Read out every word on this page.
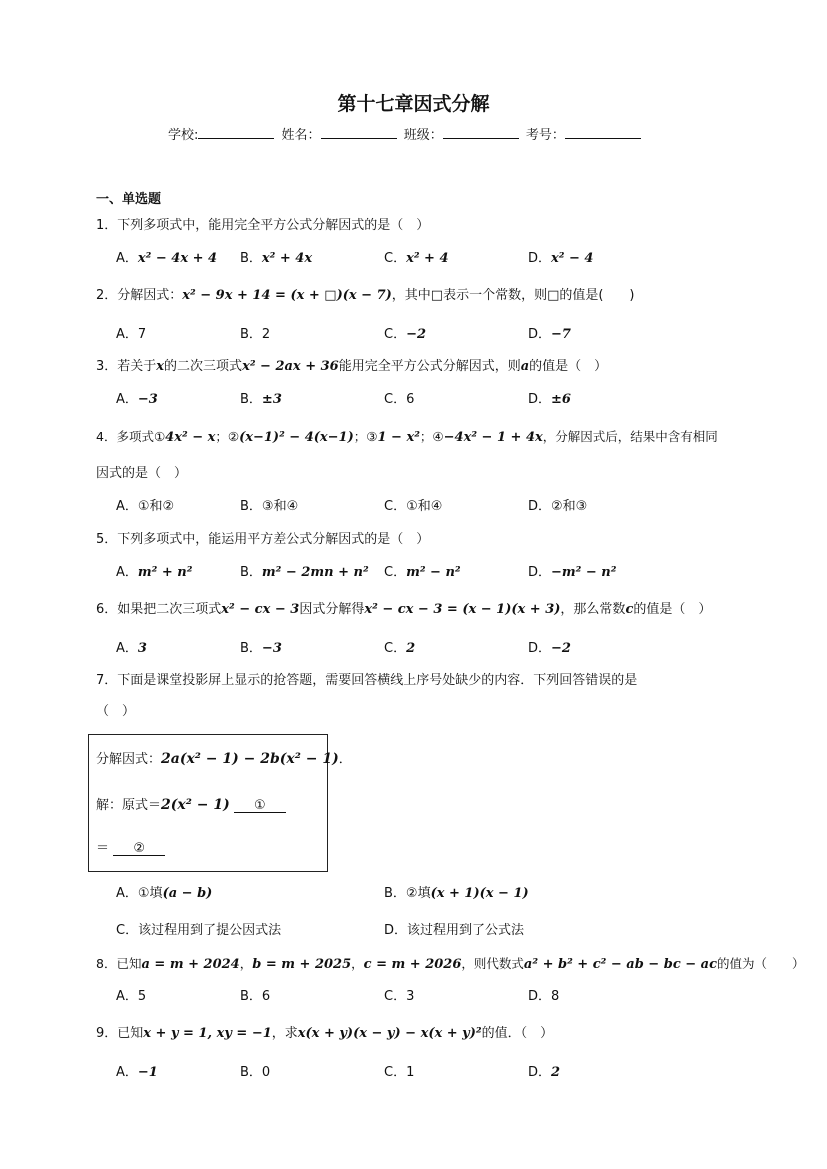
第十七章因式分解
学校:	姓名：	班级：	考号：
一、单选题
1．下列多项式中，能用完全平方公式分解因式的是（　）
A．x² − 4x + 4 B．x² + 4x	C．x² + 4	D．x² − 4
2．分解因式：x² − 9x + 14 = (x + □)(x − 7)，其中□表示一个常数，则□的值是(　　)
A．7	B．2	C．−2	D．−7
3．若关于x的二次三项式x² − 2ax + 36能用完全平方公式分解因式，则a的值是（　）
A．−3	B．±3	C．6	D．±6
4．多项式①4x² − x；②(x−1)² − 4(x−1)；③1 − x²；④−4x² − 1 + 4x，分解因式后，结果中含有相同
因式的是（　）
A．①和②	B．③和④	C．①和④	D．②和③
5．下列多项式中，能运用平方差公式分解因式的是（　）
A．m² + n²	B．m² − 2mn + n² C．m² − n²	D．−m² − n²
6．如果把二次三项式x² − cx − 3因式分解得x² − cx − 3 = (x − 1)(x + 3)，那么常数c的值是（　）
A．3	B．−3	C．2	D．−2
7．下面是课堂投影屏上显示的抢答题，需要回答横线上序号处缺少的内容．下列回答错误的是
（　）
分解因式：2a(x² − 1) − 2b(x² − 1)．
解：原式＝2(x² − 1) ①
＝ ②
A．①填(a − b)	B．②填(x + 1)(x − 1)
C．该过程用到了提公因式法	D．该过程用到了公式法
8．已知a = m + 2024，b = m + 2025，c = m + 2026，则代数式a² + b² + c² − ab − bc − ac的值为（　　）
A．5	B．6	C．3	D．8
9．已知x + y = 1, xy = −1，求x(x + y)(x − y) − x(x + y)²的值．（　）
A．−1	B．0	C．1	D．2
